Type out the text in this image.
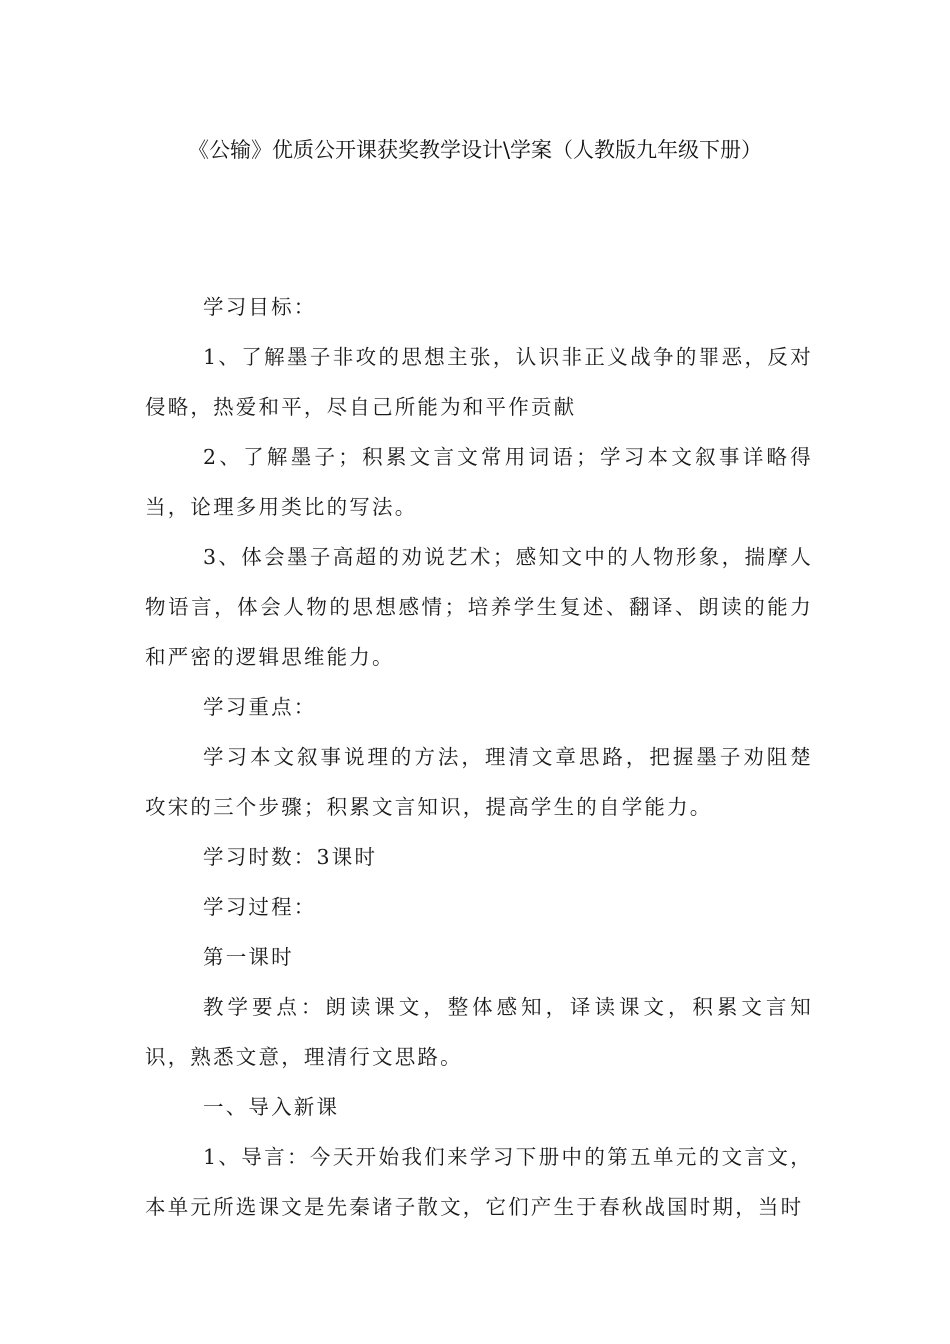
《公输》优质公开课获奖教学设计\学案（人教版九年级下册）

学习目标：

1、了解墨子非攻的思想主张，认识非正义战争的罪恶，反对侵略，热爱和平，尽自己所能为和平作贡献

2、了解墨子；积累文言文常用词语；学习本文叙事详略得当，论理多用类比的写法。

3、体会墨子高超的劝说艺术；感知文中的人物形象，揣摩人物语言，体会人物的思想感情；培养学生复述、翻译、朗读的能力和严密的逻辑思维能力。

学习重点：

学习本文叙事说理的方法，理清文章思路，把握墨子劝阻楚攻宋的三个步骤；积累文言知识，提高学生的自学能力。

学习时数：3课时

学习过程：

第一课时

教学要点：朗读课文，整体感知，译读课文，积累文言知识，熟悉文意，理清行文思路。

一、导入新课

1、导言：今天开始我们来学习下册中的第五单元的文言文，本单元所选课文是先秦诸子散文，它们产生于春秋战国时期，当时
